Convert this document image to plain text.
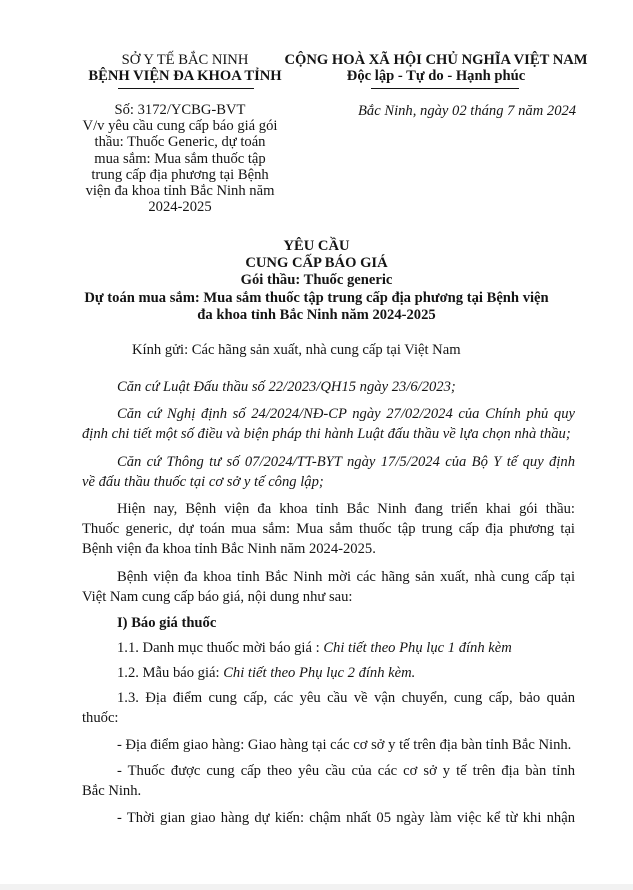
SỞ Y TẾ BẮC NINH
BỆNH VIỆN ĐA KHOA TỈNH
CỘNG HOÀ XÃ HỘI CHỦ NGHĨA VIỆT NAM
Độc lập - Tự do - Hạnh phúc
Số: 3172/YCBG-BVT
V/v yêu cầu cung cấp báo giá gói
thầu: Thuốc Generic, dự toán
mua sắm: Mua sắm thuốc tập
trung cấp địa phương tại Bệnh
viện đa khoa tỉnh Bắc Ninh năm
2024-2025
Bắc Ninh, ngày 02 tháng 7 năm 2024
YÊU CẦU
CUNG CẤP BÁO GIÁ
Gói thầu: Thuốc generic
Dự toán mua sắm: Mua sắm thuốc tập trung cấp địa phương tại Bệnh viện
đa khoa tỉnh Bắc Ninh năm 2024-2025
Kính gửi: Các hãng sản xuất, nhà cung cấp tại Việt Nam
Căn cứ Luật Đấu thầu số 22/2023/QH15 ngày 23/6/2023;
Căn cứ Nghị định số 24/2024/NĐ-CP ngày 27/02/2024 của Chính phủ quy
định chi tiết một số điều và biện pháp thi hành Luật đấu thầu về lựa chọn nhà thầu;
Căn cứ Thông tư số 07/2024/TT-BYT ngày 17/5/2024 của Bộ Y tế quy định
về đấu thầu thuốc tại cơ sở y tế công lập;
Hiện nay, Bệnh viện đa khoa tỉnh Bắc Ninh đang triển khai gói thầu:
Thuốc generic, dự toán mua sắm: Mua sắm thuốc tập trung cấp địa phương tại
Bệnh viện đa khoa tỉnh Bắc Ninh năm 2024-2025.
Bệnh viện đa khoa tỉnh Bắc Ninh mời các hãng sản xuất, nhà cung cấp tại
Việt Nam cung cấp báo giá, nội dung như sau:
I) Báo giá thuốc
1.1. Danh mục thuốc mời báo giá : Chi tiết theo Phụ lục 1 đính kèm
1.2. Mẫu báo giá: Chi tiết theo Phụ lục 2 đính kèm.
1.3. Địa điểm cung cấp, các yêu cầu về vận chuyển, cung cấp, bảo quản
thuốc:
- Địa điểm giao hàng: Giao hàng tại các cơ sở y tế trên địa bàn tỉnh Bắc Ninh.
- Thuốc được cung cấp theo yêu cầu của các cơ sở y tế trên địa bàn tỉnh
Bắc Ninh.
- Thời gian giao hàng dự kiến: chậm nhất 05 ngày làm việc kể từ khi nhận
